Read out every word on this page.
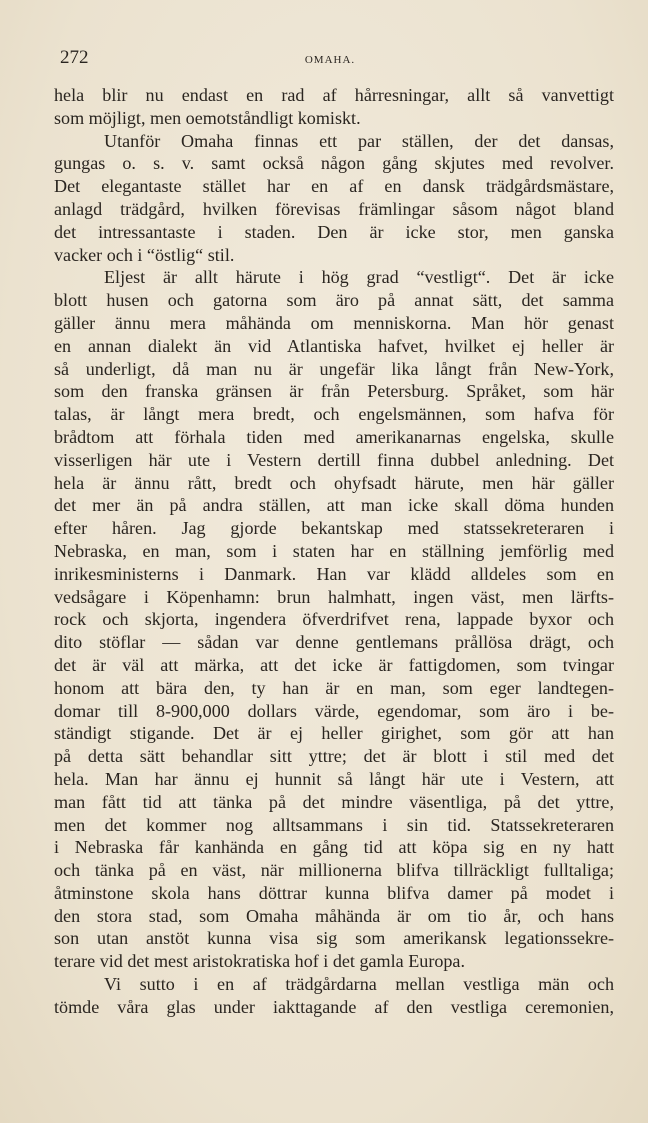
272	OMAHA.
hela blir nu endast en rad af hårresningar, allt så vanvettigt
som möjligt, men oemotståndligt komiskt.
Utanför Omaha finnas ett par ställen, der det dansas,
gungas o. s. v. samt också någon gång skjutes med revolver.
Det elegantaste stället har en af en dansk trädgårdsmästare,
anlagd trädgård, hvilken förevisas främlingar såsom något bland
det intressantaste i staden. Den är icke stor, men ganska
vacker och i “östlig“ stil.
Eljest är allt härute i hög grad “vestligt“. Det är icke
blott husen och gatorna som äro på annat sätt, det samma
gäller ännu mera måhända om menniskorna. Man hör genast
en annan dialekt än vid Atlantiska hafvet, hvilket ej heller är
så underligt, då man nu är ungefär lika långt från New-York,
som den franska gränsen är från Petersburg. Språket, som här
talas, är långt mera bredt, och engelsmännen, som hafva för
brådtom att förhala tiden med amerikanarnas engelska, skulle
visserligen här ute i Vestern dertill finna dubbel anledning. Det
hela är ännu rått, bredt och ohyfsadt härute, men här gäller
det mer än på andra ställen, att man icke skall döma hunden
efter håren. Jag gjorde bekantskap med statssekreteraren i
Nebraska, en man, som i staten har en ställning jemförlig med
inrikesministerns i Danmark. Han var klädd alldeles som en
vedsågare i Köpenhamn: brun halmhatt, ingen väst, men lärfts-
rock och skjorta, ingendera öfverdrifvet rena, lappade byxor och
dito stöflar — sådan var denne gentlemans prållösa drägt, och
det är väl att märka, att det icke är fattigdomen, som tvingar
honom att bära den, ty han är en man, som eger landtegen-
domar till 8-900,000 dollars värde, egendomar, som äro i be-
ständigt stigande. Det är ej heller girighet, som gör att han
på detta sätt behandlar sitt yttre; det är blott i stil med det
hela. Man har ännu ej hunnit så långt här ute i Vestern, att
man fått tid att tänka på det mindre väsentliga, på det yttre,
men det kommer nog alltsammans i sin tid. Statssekreteraren
i Nebraska får kanhända en gång tid att köpa sig en ny hatt
och tänka på en väst, när millionerna blifva tillräckligt fulltaliga;
åtminstone skola hans döttrar kunna blifva damer på modet i
den stora stad, som Omaha måhända är om tio år, och hans
son utan anstöt kunna visa sig som amerikansk legationssekre-
terare vid det mest aristokratiska hof i det gamla Europa.
Vi sutto i en af trädgårdarna mellan vestliga män och
tömde våra glas under iakttagande af den vestliga ceremonien,
